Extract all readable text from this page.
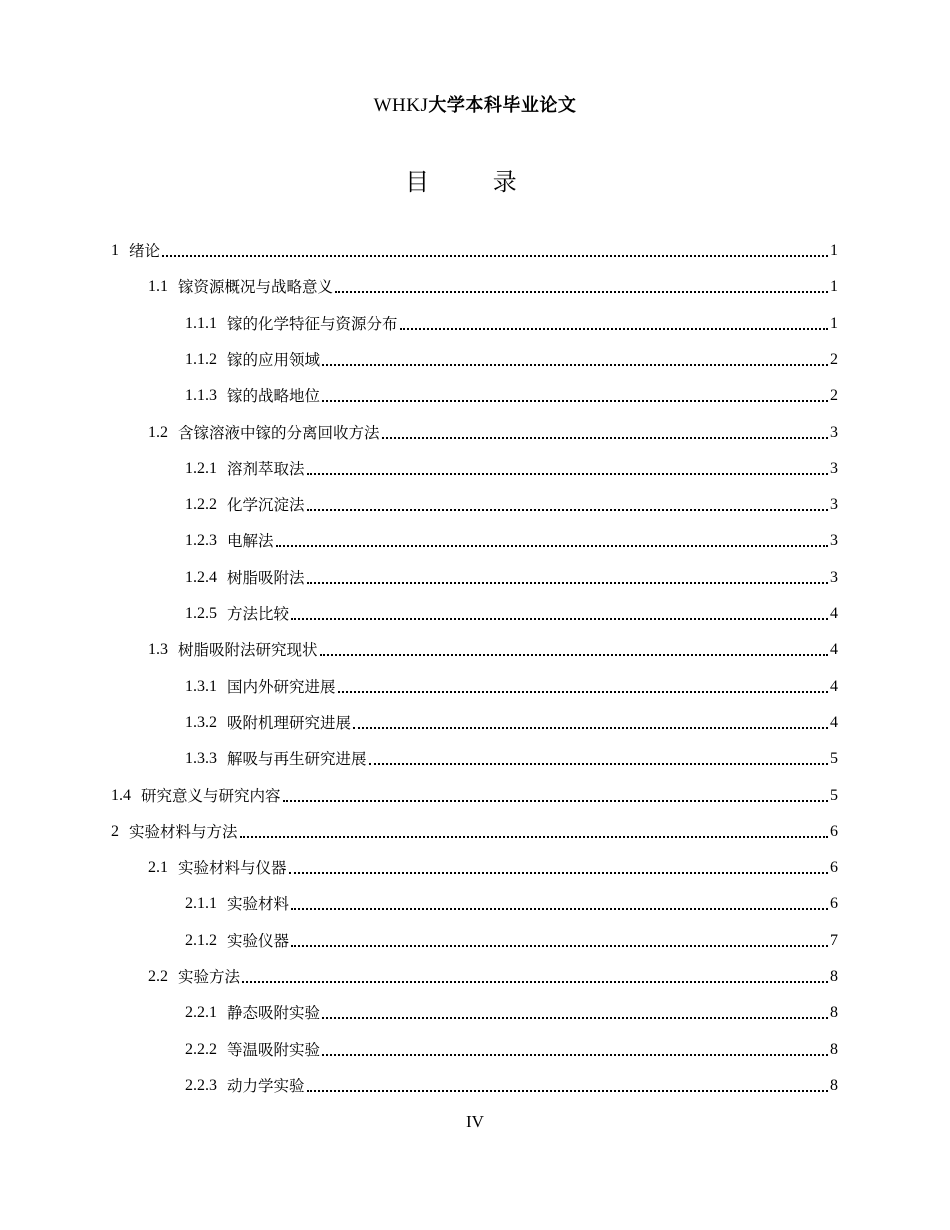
WHKJ大学本科毕业论文
目 录
1 绪论	1
1.1 镓资源概况与战略意义	1
1.1.1 镓的化学特征与资源分布	1
1.1.2 镓的应用领域	2
1.1.3 镓的战略地位	2
1.2 含镓溶液中镓的分离回收方法	3
1.2.1 溶剂萃取法	3
1.2.2 化学沉淀法	3
1.2.3 电解法	3
1.2.4 树脂吸附法	3
1.2.5 方法比较	4
1.3 树脂吸附法研究现状	4
1.3.1 国内外研究进展	4
1.3.2 吸附机理研究进展	4
1.3.3 解吸与再生研究进展	5
1.4 研究意义与研究内容	5
2 实验材料与方法	6
2.1 实验材料与仪器	6
2.1.1 实验材料	6
2.1.2 实验仪器	7
2.2 实验方法	8
2.2.1 静态吸附实验	8
2.2.2 等温吸附实验	8
2.2.3 动力学实验	8
IV
